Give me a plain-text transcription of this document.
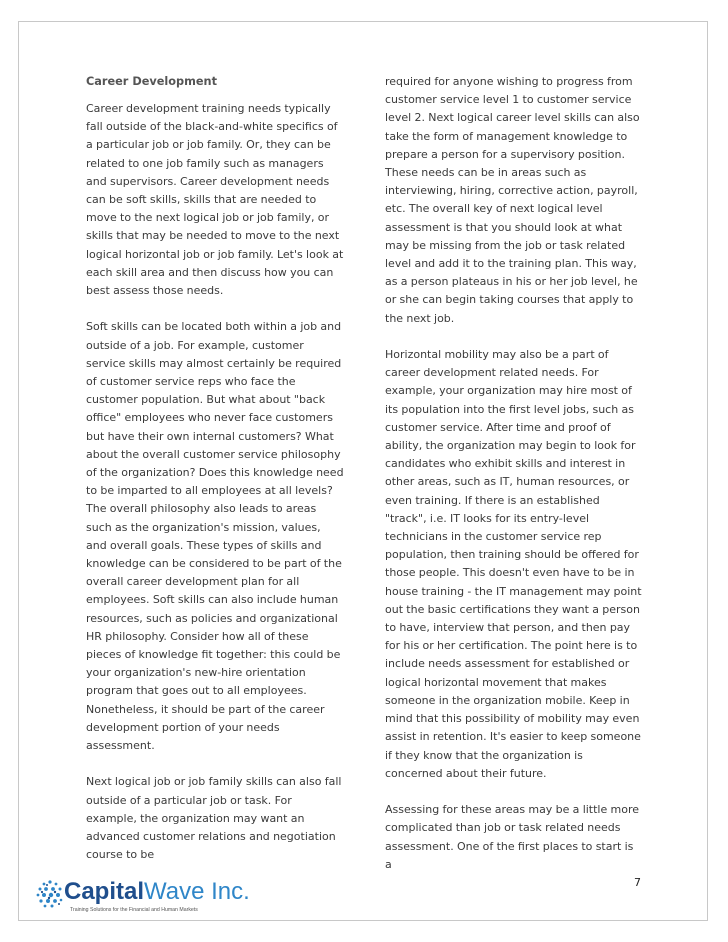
Career Development

Career development training needs typically fall outside of the black-and-white specifics of a particular job or job family. Or, they can be related to one job family such as managers and supervisors. Career development needs can be soft skills, skills that are needed to move to the next logical job or job family, or skills that may be needed to move to the next logical horizontal job or job family. Let's look at each skill area and then discuss how you can best assess those needs.

Soft skills can be located both within a job and outside of a job. For example, customer service skills may almost certainly be required of customer service reps who face the customer population. But what about "back office" employees who never face customers but have their own internal customers? What about the overall customer service philosophy of the organization? Does this knowledge need to be imparted to all employees at all levels? The overall philosophy also leads to areas such as the organization's mission, values, and overall goals. These types of skills and knowledge can be considered to be part of the overall career development plan for all employees. Soft skills can also include human resources, such as policies and organizational HR philosophy. Consider how all of these pieces of knowledge fit together: this could be your organization's new-hire orientation program that goes out to all employees. Nonetheless, it should be part of the career development portion of your needs assessment.

Next logical job or job family skills can also fall outside of a particular job or task. For example, the organization may want an advanced customer relations and negotiation course to be

required for anyone wishing to progress from customer service level 1 to customer service level 2. Next logical career level skills can also take the form of management knowledge to prepare a person for a supervisory position. These needs can be in areas such as interviewing, hiring, corrective action, payroll, etc. The overall key of next logical level assessment is that you should look at what may be missing from the job or task related level and add it to the training plan. This way, as a person plateaus in his or her job level, he or she can begin taking courses that apply to the next job.

Horizontal mobility may also be a part of career development related needs. For example, your organization may hire most of its population into the first level jobs, such as customer service. After time and proof of ability, the organization may begin to look for candidates who exhibit skills and interest in other areas, such as IT, human resources, or even training. If there is an established "track", i.e. IT looks for its entry-level technicians in the customer service rep population, then training should be offered for those people. This doesn't even have to be in house training - the IT management may point out the basic certifications they want a person to have, interview that person, and then pay for his or her certification. The point here is to include needs assessment for established or logical horizontal movement that makes someone in the organization mobile. Keep in mind that this possibility of mobility may even assist in retention. It's easier to keep someone if they know that the organization is concerned about their future.

Assessing for these areas may be a little more complicated than job or task related needs assessment. One of the first places to start is a

7
CapitalWave Inc.
Training Solutions for the Financial and Human Markets
